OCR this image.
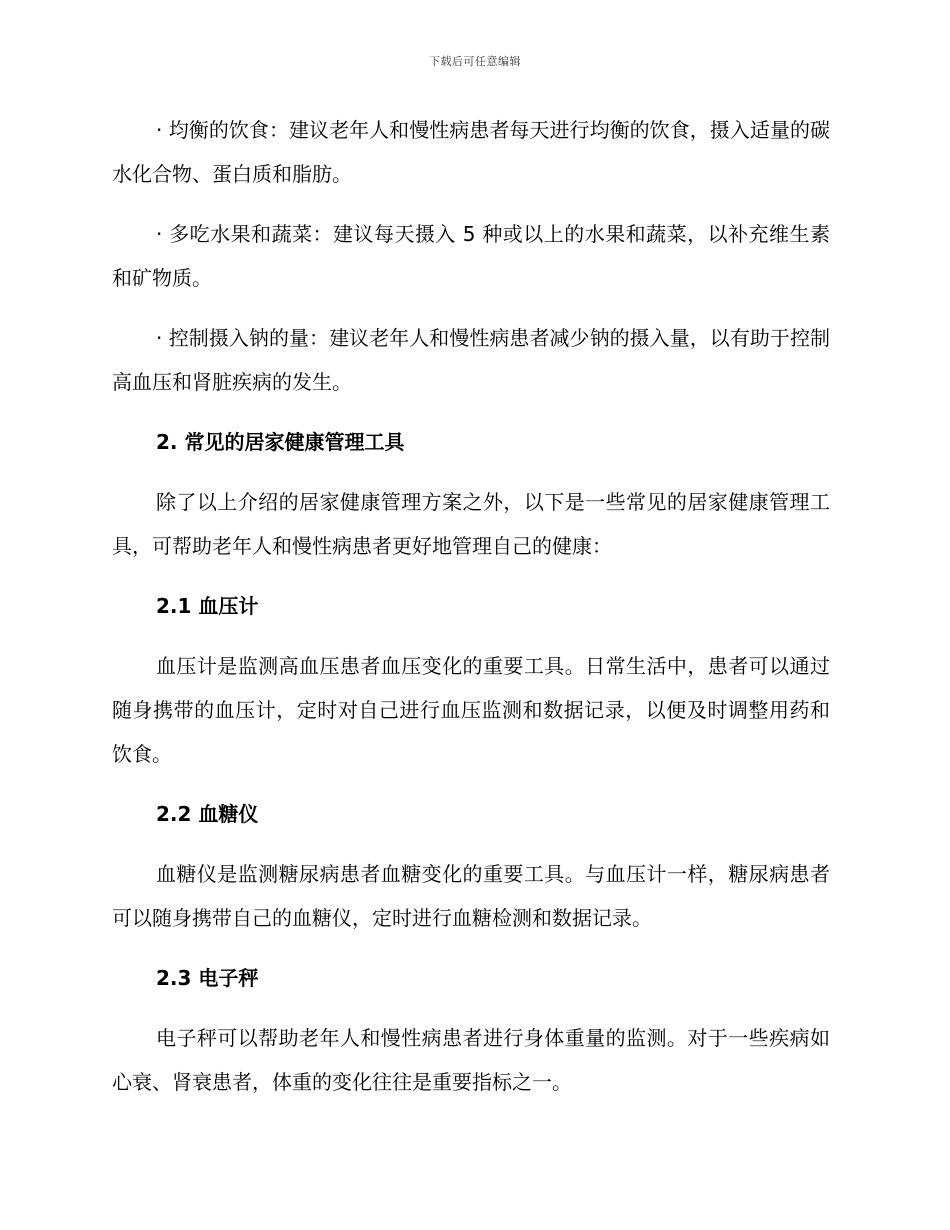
下载后可任意编辑

· 均衡的饮食：建议老年人和慢性病患者每天进行均衡的饮食，摄入适量的碳水化合物、蛋白质和脂肪。

· 多吃水果和蔬菜：建议每天摄入 5 种或以上的水果和蔬菜，以补充维生素和矿物质。

· 控制摄入钠的量：建议老年人和慢性病患者减少钠的摄入量，以有助于控制高血压和肾脏疾病的发生。

2. 常见的居家健康管理工具

除了以上介绍的居家健康管理方案之外，以下是一些常见的居家健康管理工具，可帮助老年人和慢性病患者更好地管理自己的健康：

2.1 血压计

血压计是监测高血压患者血压变化的重要工具。日常生活中，患者可以通过随身携带的血压计，定时对自己进行血压监测和数据记录，以便及时调整用药和饮食。

2.2 血糖仪

血糖仪是监测糖尿病患者血糖变化的重要工具。与血压计一样，糖尿病患者可以随身携带自己的血糖仪，定时进行血糖检测和数据记录。

2.3 电子秤

电子秤可以帮助老年人和慢性病患者进行身体重量的监测。对于一些疾病如心衰、肾衰患者，体重的变化往往是重要指标之一。
